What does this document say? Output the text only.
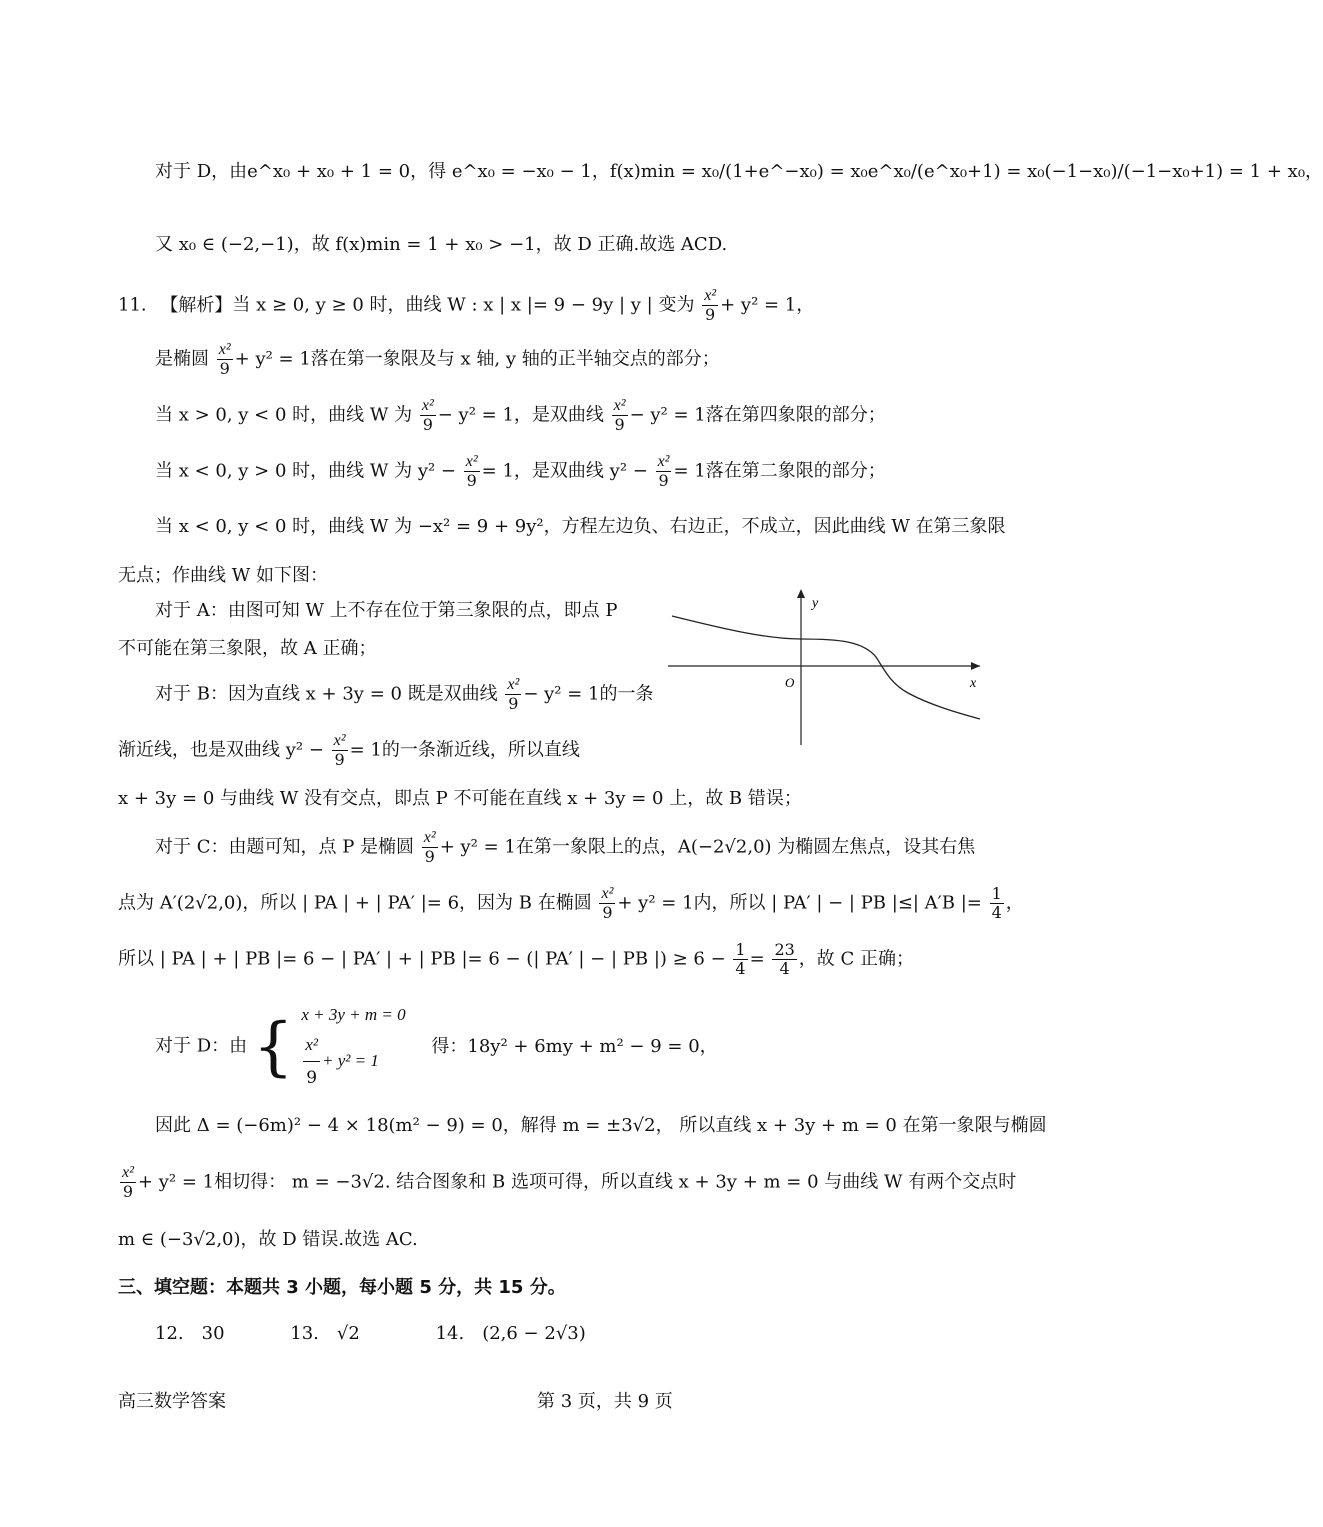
对于 D，由e^x₀ + x₀ + 1 = 0，得 e^x₀ = −x₀ − 1，f(x)min = x₀/(1+e^−x₀) = x₀e^x₀/(e^x₀+1) = x₀(−1−x₀)/(−1−x₀+1) = 1 + x₀，
又 x₀ ∈ (−2,−1)，故 f(x)min = 1 + x₀ > −1，故 D 正确.故选 ACD.
11. 【解析】当 x ≥ 0, y ≥ 0 时，曲线 W : x | x |= 9 − 9y | y | 变为 $\frac{\text{x²}}{9} + y^2 = 1$，
是椭圆 $\frac{\text{x²}}{9} + y^2 = 1$落在第一象限及与 x 轴, y 轴的正半轴交点的部分；
当 x > 0, y < 0 时，曲线 W 为 $\frac{\text{x²}}{9} - y^2 = 1$，是双曲线 $\frac{\text{x²}}{9} - y^2 = 1$落在第四象限的部分；
当 x < 0, y > 0 时，曲线 W 为 $y^2 - \frac{\text{x²}}{9} = 1$，是双曲线 $y^2 - \frac{\text{x²}}{9} = 1$落在第二象限的部分；
当 x < 0, y < 0 时，曲线 W 为 −x² = 9 + 9y²，方程左边负、右边正，不成立，因此曲线 W 在第三象限
无点；作曲线 W 如下图：
对于 A：由图可知 W 上不存在位于第三象限的点，即点 P
不可能在第三象限，故 A 正确；
对于 B：因为直线 x + 3y = 0 既是双曲线 $\frac{\text{x²}}{9} - y^2 = 1$的一条
渐近线，也是双曲线 $y^2 - \frac{\text{x²}}{9} = 1$的一条渐近线，所以直线
x + 3y = 0 与曲线 W 没有交点，即点 P 不可能在直线 x + 3y = 0 上，故 B 错误；
y
x
O
对于 C：由题可知，点 P 是椭圆 $\frac{\text{x²}}{9} + y^2 = 1$在第一象限上的点，A(−2√2,0) 为椭圆左焦点，设其右焦
点为 A′(2√2,0)，所以 | PA | + | PA′ |= 6，因为 B 在椭圆 $\frac{\text{x²}}{9} + y^2 = 1$内，所以 | PA′ | − | PB |≤| A′B |= $\frac{1}{4}$ ，
所以 | PA | + | PB |= 6 − | PA′ | + | PB |= 6 − (| PA′ | − | PB |) ≥ $6 - \frac{1}{4} = \frac{23}{4}$ ，故 C 正确；
对于 D：由 { x + 3y + m = 0
$\frac{\text{x²}}{9} + y^2 = 1$
得：18y² + 6my + m² − 9 = 0，
因此 Δ = (−6m)² − 4 × 18(m² − 9) = 0，解得 m = ±3√2， 所以直线 x + 3y + m = 0 在第一象限与椭圆
$\frac{\text{x²}}{9} + y^2 = 1$相切得： m = −3√2. 结合图象和 B 选项可得，所以直线 x + 3y + m = 0 与曲线 W 有两个交点时
m ∈ (−3√2,0)，故 D 错误.故选 AC.
三、填空题：本题共 3 小题，每小题 5 分，共 15 分。
12.　30	13.　√2	14.　(2,6 − 2√3)
高三数学答案	第 3 页，共 9 页
